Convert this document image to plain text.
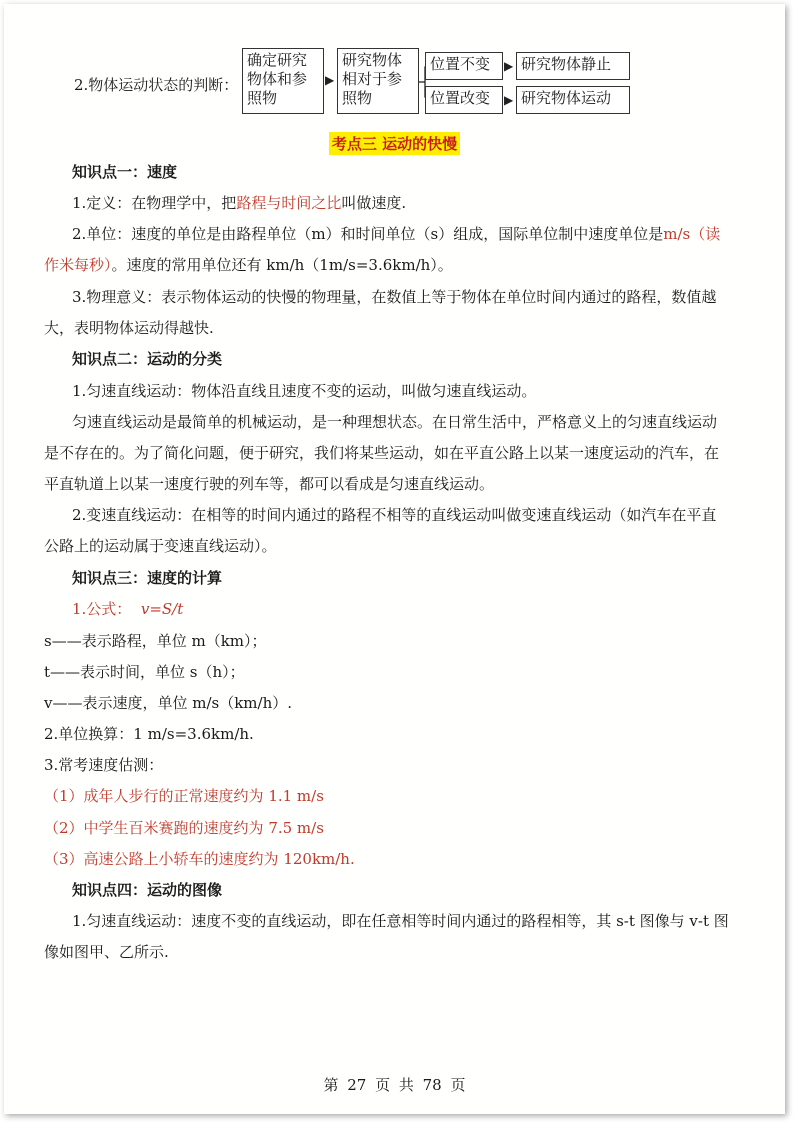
2.物体运动状态的判断：
确定研究
物体和参
照物
▶
研究物体
相对于参
照物
位置不变	▶ 研究物体静止
位置改变	▶ 研究物体运动
考点三 运动的快慢
知识点一：速度
1.定义：在物理学中，把路程与时间之比叫做速度.
2.单位：速度的单位是由路程单位（m）和时间单位（s）组成，国际单位制中速度单位是m/s（读
作米每秒）。速度的常用单位还有 km/h（1m/s=3.6km/h）。
3.物理意义：表示物体运动的快慢的物理量，在数值上等于物体在单位时间内通过的路程，数值越
大，表明物体运动得越快.
知识点二：运动的分类
1.匀速直线运动：物体沿直线且速度不变的运动，叫做匀速直线运动。
匀速直线运动是最简单的机械运动，是一种理想状态。在日常生活中，严格意义上的匀速直线运动
是不存在的。为了简化问题，便于研究，我们将某些运动，如在平直公路上以某一速度运动的汽车，在
平直轨道上以某一速度行驶的列车等，都可以看成是匀速直线运动。
2.变速直线运动：在相等的时间内通过的路程不相等的直线运动叫做变速直线运动（如汽车在平直
公路上的运动属于变速直线运动）。
知识点三：速度的计算
1.公式： v=S/t
s——表示路程，单位 m（km）；
t——表示时间，单位 s（h）；
v——表示速度，单位 m/s（km/h）.
2.单位换算：1 m/s=3.6km/h.
3.常考速度估测：
（1）成年人步行的正常速度约为 1.1 m/s
（2）中学生百米赛跑的速度约为 7.5 m/s
（3）高速公路上小轿车的速度约为 120km/h.
知识点四：运动的图像
1.匀速直线运动：速度不变的直线运动，即在任意相等时间内通过的路程相等，其 s-t 图像与 v-t 图
像如图甲、乙所示.
第 27 页 共 78 页
